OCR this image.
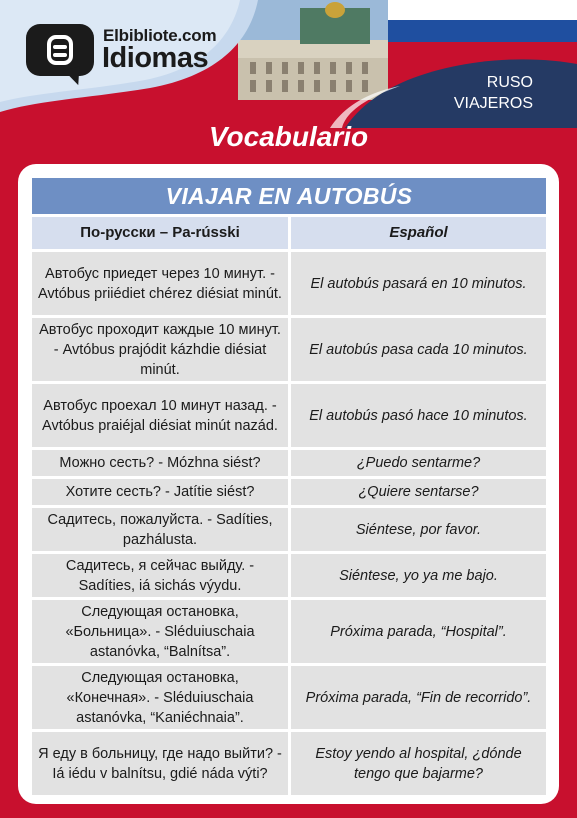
Elbibliote.com
Idiomas
RUSO
VIAJEROS
Vocabulario
VIAJAR EN AUTOBÚS
По-русски – Pa-rússki	Español
Автобус приедет через 10 минут. - Avtóbus priiédiet chérez diésiat minút.	El autobús pasará en 10 minutos.
Автобус проходит каждые 10 минут. - Avtóbus prajódit kázhdie diésiat minút.	El autobús pasa cada 10 minutos.
Автобус проехал 10 минут назад. - Avtóbus praiéjal diésiat minút nazád.	El autobús pasó hace 10 minutos.
Можно сесть? - Mózhna siést?	¿Puedo sentarme?
Хотите сесть? - Jatítie siést?	¿Quiere sentarse?
Садитесь, пожалуйста. - Sadíties, pazhálusta.	Siéntese, por favor.
Садитесь, я сейчас выйду. - Sadíties, iá sichás výydu.	Siéntese, yo ya me bajo.
Следующая остановка, «Больница». - Sléduiuschaia astanóvka, “Balnítsa”.	Próxima parada, “Hospital”.
Следующая остановка, «Конечная». - Sléduiuschaia astanóvka, “Kaniéchnaia”.	Próxima parada, “Fin de recorrido”.
Я еду в больницу, где надо выйти? - Iá iédu v balnítsu, gdié náda výti?	Estoy yendo al hospital, ¿dónde tengo que bajarme?
